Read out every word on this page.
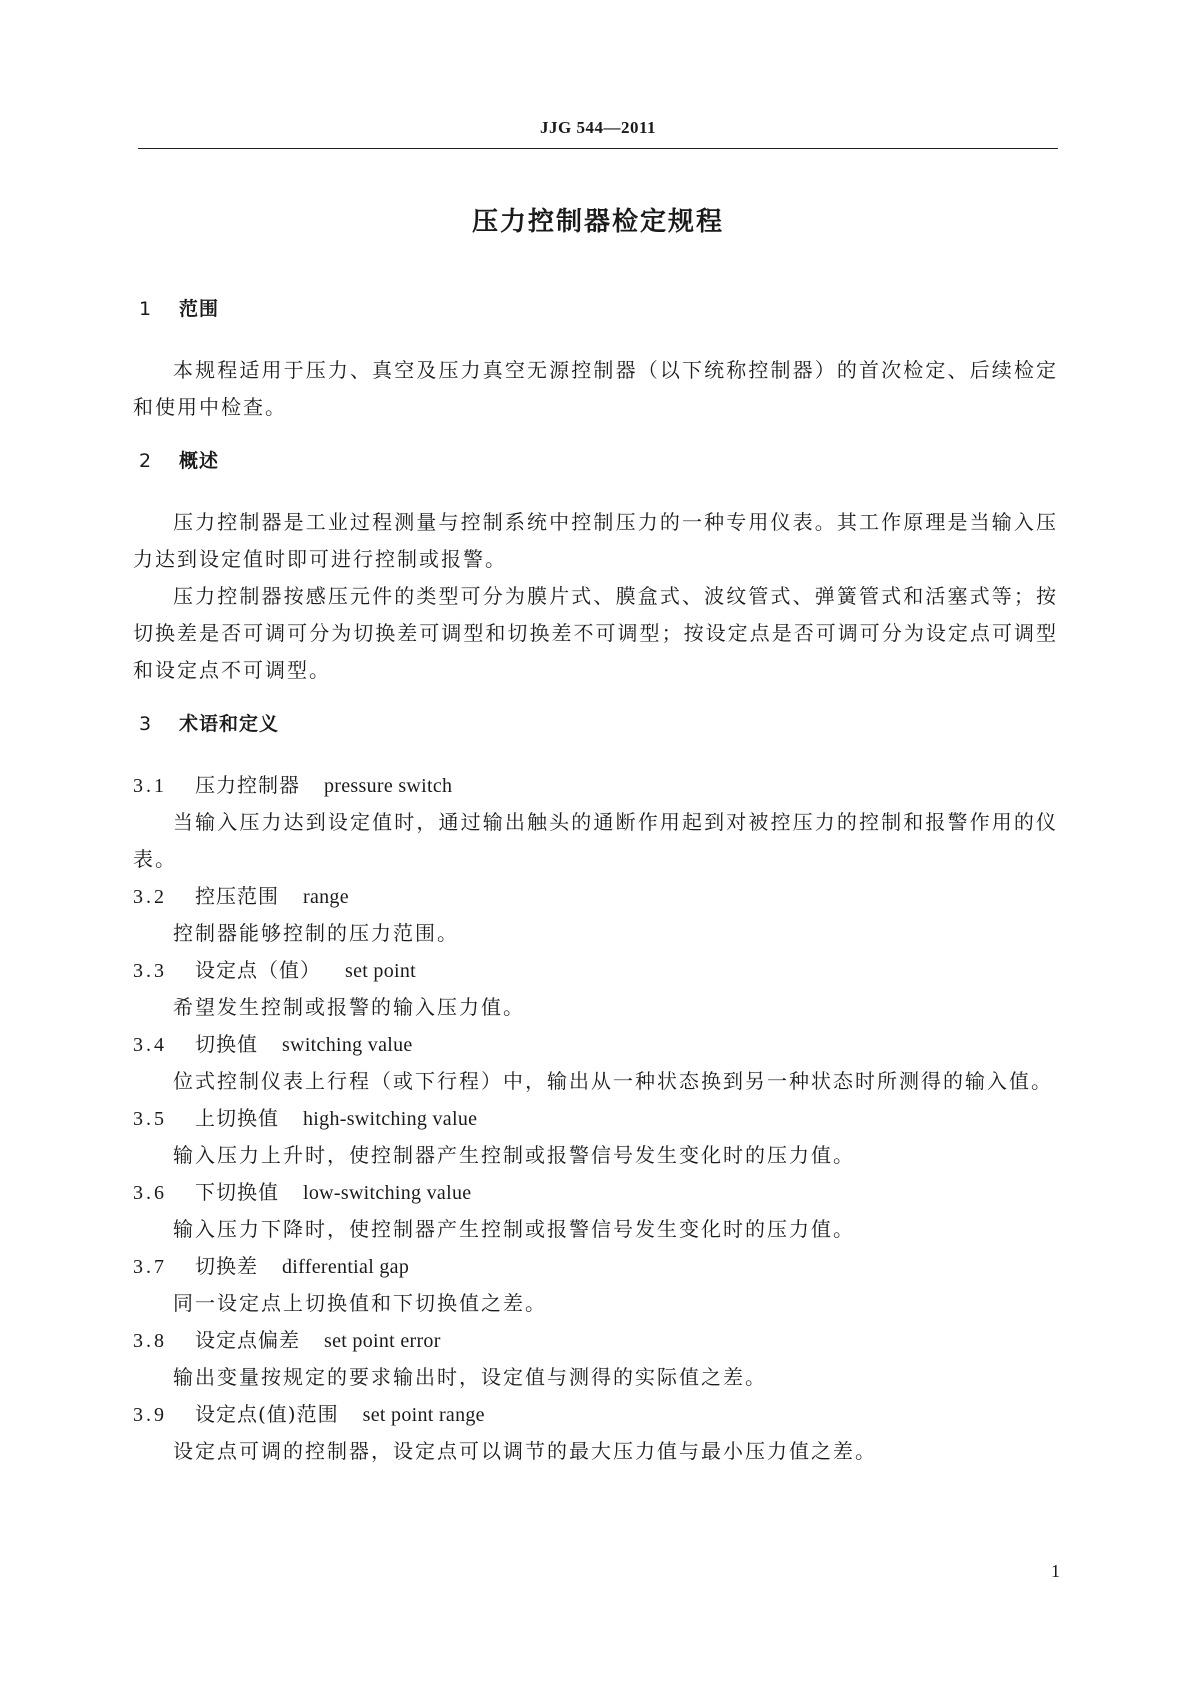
JJG 544—2011
压力控制器检定规程
1 范围

本规程适用于压力、真空及压力真空无源控制器（以下统称控制器）的首次检定、后续检定和使用中检查。

2 概述

压力控制器是工业过程测量与控制系统中控制压力的一种专用仪表。其工作原理是当输入压力达到设定值时即可进行控制或报警。

压力控制器按感压元件的类型可分为膜片式、膜盒式、波纹管式、弹簧管式和活塞式等；按切换差是否可调可分为切换差可调型和切换差不可调型；按设定点是否可调可分为设定点可调型和设定点不可调型。

3 术语和定义
3.1 压力控制器 pressure switch

当输入压力达到设定值时，通过输出触头的通断作用起到对被控压力的控制和报警作用的仪表。

3.2 控压范围 range

控制器能够控制的压力范围。

3.3 设定点（值） set point

希望发生控制或报警的输入压力值。

3.4 切换值 switching value

位式控制仪表上行程（或下行程）中，输出从一种状态换到另一种状态时所测得的输入值。

3.5 上切换值 high-switching value

输入压力上升时，使控制器产生控制或报警信号发生变化时的压力值。

3.6 下切换值 low-switching value

输入压力下降时，使控制器产生控制或报警信号发生变化时的压力值。

3.7 切换差 differential gap

同一设定点上切换值和下切换值之差。

3.8 设定点偏差 set point error

输出变量按规定的要求输出时，设定值与测得的实际值之差。

3.9 设定点(值)范围 set point range

设定点可调的控制器，设定点可以调节的最大压力值与最小压力值之差。

1
